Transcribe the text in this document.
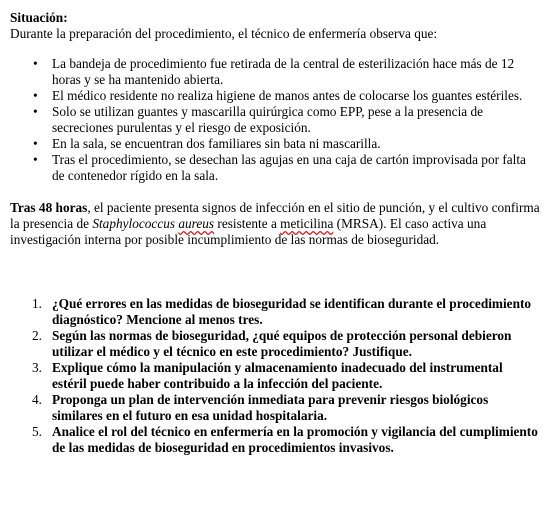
Situación:

Durante la preparación del procedimiento, el técnico de enfermería observa que:

• La bandeja de procedimiento fue retirada de la central de esterilización hace más de 12 horas y se ha mantenido abierta.
• El médico residente no realiza higiene de manos antes de colocarse los guantes estériles.
• Solo se utilizan guantes y mascarilla quirúrgica como EPP, pese a la presencia de secreciones purulentas y el riesgo de exposición.
• En la sala, se encuentran dos familiares sin bata ni mascarilla.
• Tras el procedimiento, se desechan las agujas en una caja de cartón improvisada por falta de contenedor rígido en la sala.

Tras 48 horas, el paciente presenta signos de infección en el sitio de punción, y el cultivo confirma la presencia de Staphylococcus aureus resistente a meticilina (MRSA). El caso activa una investigación interna por posible incumplimiento de las normas de bioseguridad.

1. ¿Qué errores en las medidas de bioseguridad se identifican durante el procedimiento diagnóstico? Mencione al menos tres.
2. Según las normas de bioseguridad, ¿qué equipos de protección personal debieron utilizar el médico y el técnico en este procedimiento? Justifique.
3. Explique cómo la manipulación y almacenamiento inadecuado del instrumental estéril puede haber contribuido a la infección del paciente.
4. Proponga un plan de intervención inmediata para prevenir riesgos biológicos similares en el futuro en esa unidad hospitalaria.
5. Analice el rol del técnico en enfermería en la promoción y vigilancia del cumplimiento de las medidas de bioseguridad en procedimientos invasivos.
